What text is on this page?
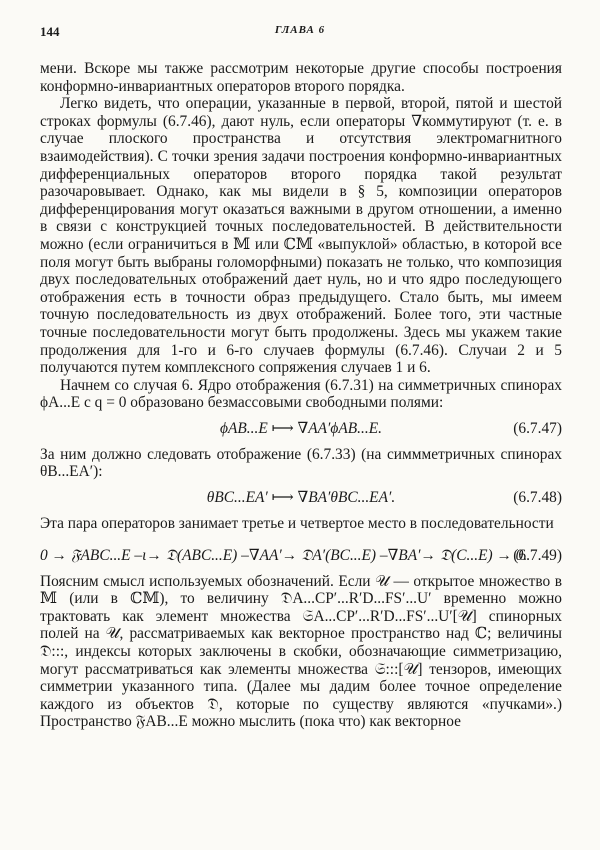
144	ГЛАВА 6

мени. Вскоре мы также рассмотрим некоторые другие способы построения конформно-инвариантных операторов второго порядка.

Легко видеть, что операции, указанные в первой, второй, пятой и шестой строках формулы (6.7.46), дают нуль, если операторы ∇коммутируют (т. е. в случае плоского пространства и отсутствия электромагнитного взаимодействия). С точки зрения задачи построения конформно-инвариантных дифференциальных операторов второго порядка такой результат разочаровывает. Однако, как мы видели в § 5, композиции операторов дифференцирования могут оказаться важными в другом отношении, а именно в связи с конструкцией точных последовательностей. В действительности можно (если ограничиться в 𝕄 или ℂ𝕄 «выпуклой» областью, в которой все поля могут быть выбраны голоморфными) показать не только, что композиция двух последовательных отображений дает нуль, но и что ядро последующего отображения есть в точности образ предыдущего. Стало быть, мы имеем точную последовательность из двух отображений. Более того, эти частные точные последовательности могут быть продолжены. Здесь мы укажем такие продолжения для 1-го и 6-го случаев формулы (6.7.46). Случаи 2 и 5 получаются путем комплексного сопряжения случаев 1 и 6.

Начнем со случая 6. Ядро отображения (6.7.31) на симметричных спинорах ϕA...E с q = 0 образовано безмассовыми свободными полями:

ϕAB...E ⟼ ∇AA′ϕAB...E.	(6.7.47)

За ним должно следовать отображение (6.7.33) (на симмметричных спинорах θB...EA′):

θBC...EA′ ⟼ ∇BA′θBC...EA′.	(6.7.48)

Эта пара операторов занимает третье и четвертое место в последовательности

0 → 𝔉ABC...E –ι→ 𝔇(ABC...E) –∇AA′→ 𝔇A′(BC...E) –∇BA′→ 𝔇(C...E) → 0.
(6.7.49)

Поясним смысл используемых обозначений. Если 𝒰 — открытое множество в 𝕄 (или в ℂ𝕄), то величину 𝔇A...CP′...R′D...FS′...U′ временно можно трактовать как элемент множества 𝔖A...CP′...R′D...FS′...U′[𝒰] спинорных полей на 𝒰, рассматриваемых как векторное пространство над ℂ; величины 𝔇:::, индексы которых заключены в скобки, обозначающие симметризацию, могут рассматриваться как элементы множества 𝔖:::[𝒰] тензоров, имеющих симметрии указанного типа. (Далее мы дадим более точное определение каждого из объектов 𝔇, которые по существу являются «пучками».) Пространство 𝔉AB...E можно мыслить (пока что) как векторное
